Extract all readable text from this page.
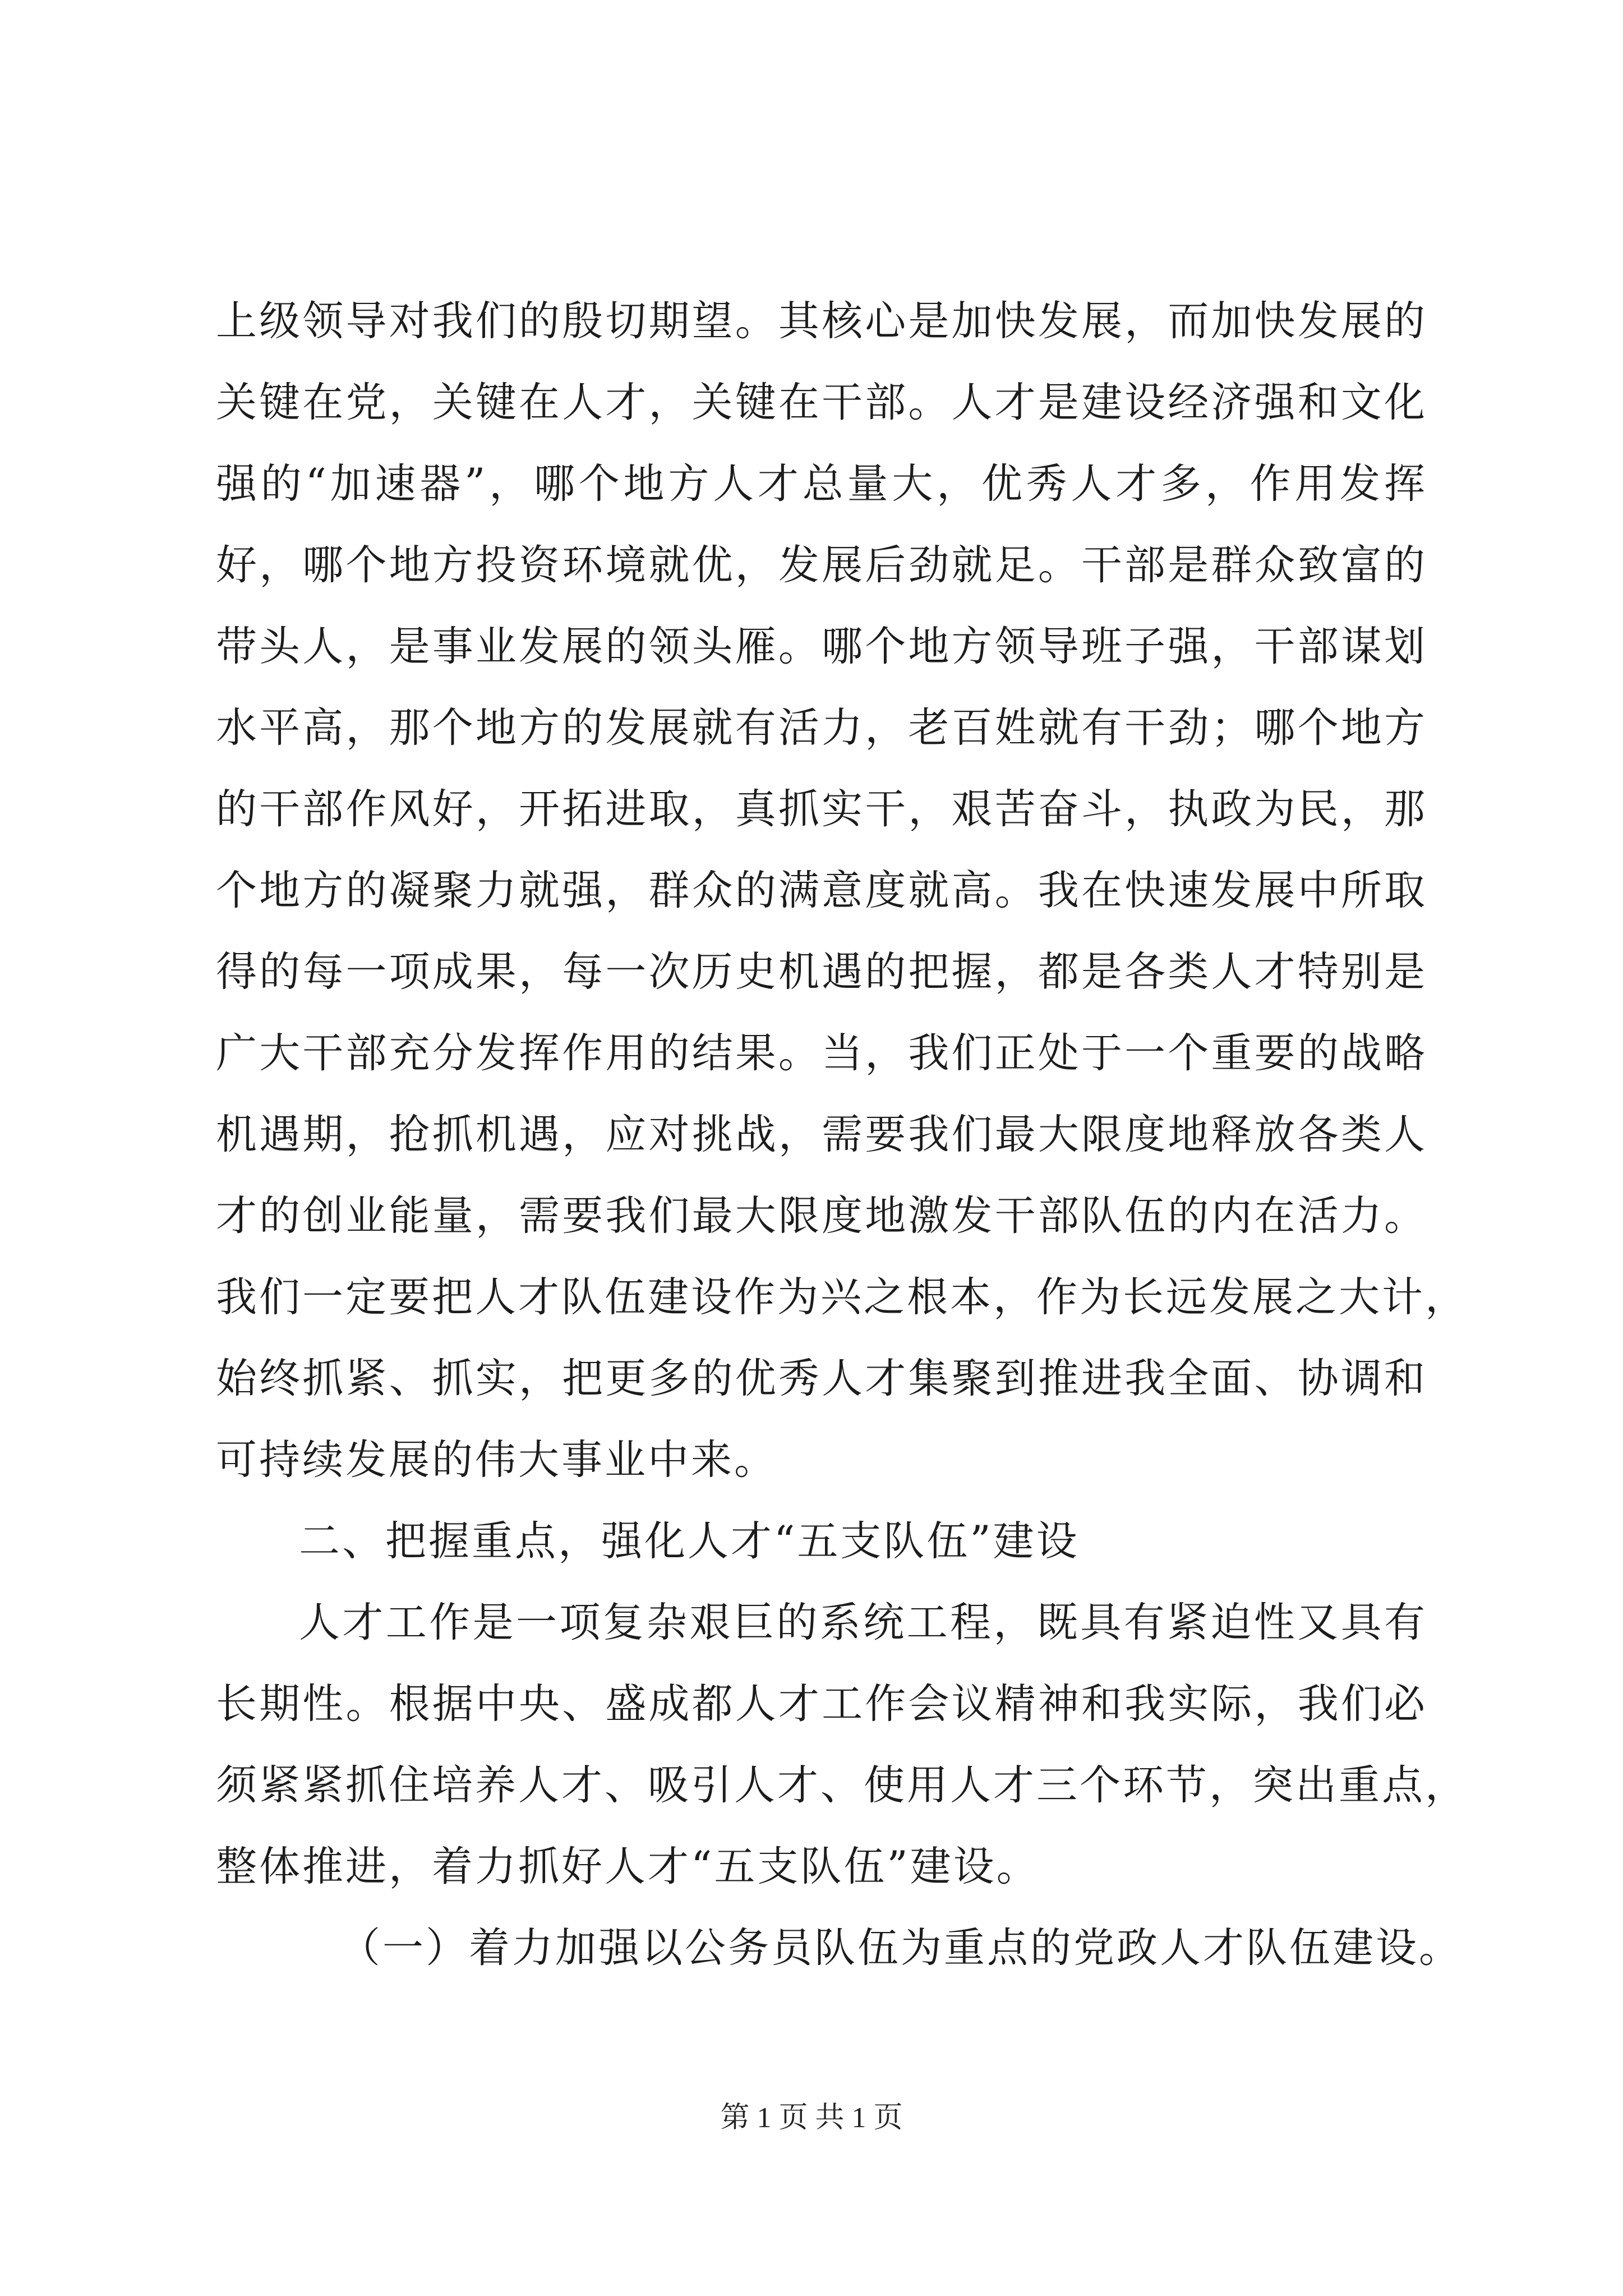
上级领导对我们的殷切期望。其核心是加快发展，而加快发展的
关键在党，关键在人才，关键在干部。人才是建设经济强和文化
强的“加速器”，哪个地方人才总量大，优秀人才多，作用发挥
好，哪个地方投资环境就优，发展后劲就足。干部是群众致富的
带头人，是事业发展的领头雁。哪个地方领导班子强，干部谋划
水平高，那个地方的发展就有活力，老百姓就有干劲；哪个地方
的干部作风好，开拓进取，真抓实干，艰苦奋斗，执政为民，那
个地方的凝聚力就强，群众的满意度就高。我在快速发展中所取
得的每一项成果，每一次历史机遇的把握，都是各类人才特别是
广大干部充分发挥作用的结果。当，我们正处于一个重要的战略
机遇期，抢抓机遇，应对挑战，需要我们最大限度地释放各类人
才的创业能量，需要我们最大限度地激发干部队伍的内在活力。
我们一定要把人才队伍建设作为兴之根本，作为长远发展之大计，
始终抓紧、抓实，把更多的优秀人才集聚到推进我全面、协调和
可持续发展的伟大事业中来。
二、把握重点，强化人才“五支队伍”建设
人才工作是一项复杂艰巨的系统工程，既具有紧迫性又具有
长期性。根据中央、盛成都人才工作会议精神和我实际，我们必
须紧紧抓住培养人才、吸引人才、使用人才三个环节，突出重点，
整体推进，着力抓好人才“五支队伍”建设。
（一）着力加强以公务员队伍为重点的党政人才队伍建设。
第 1 页 共 1 页
